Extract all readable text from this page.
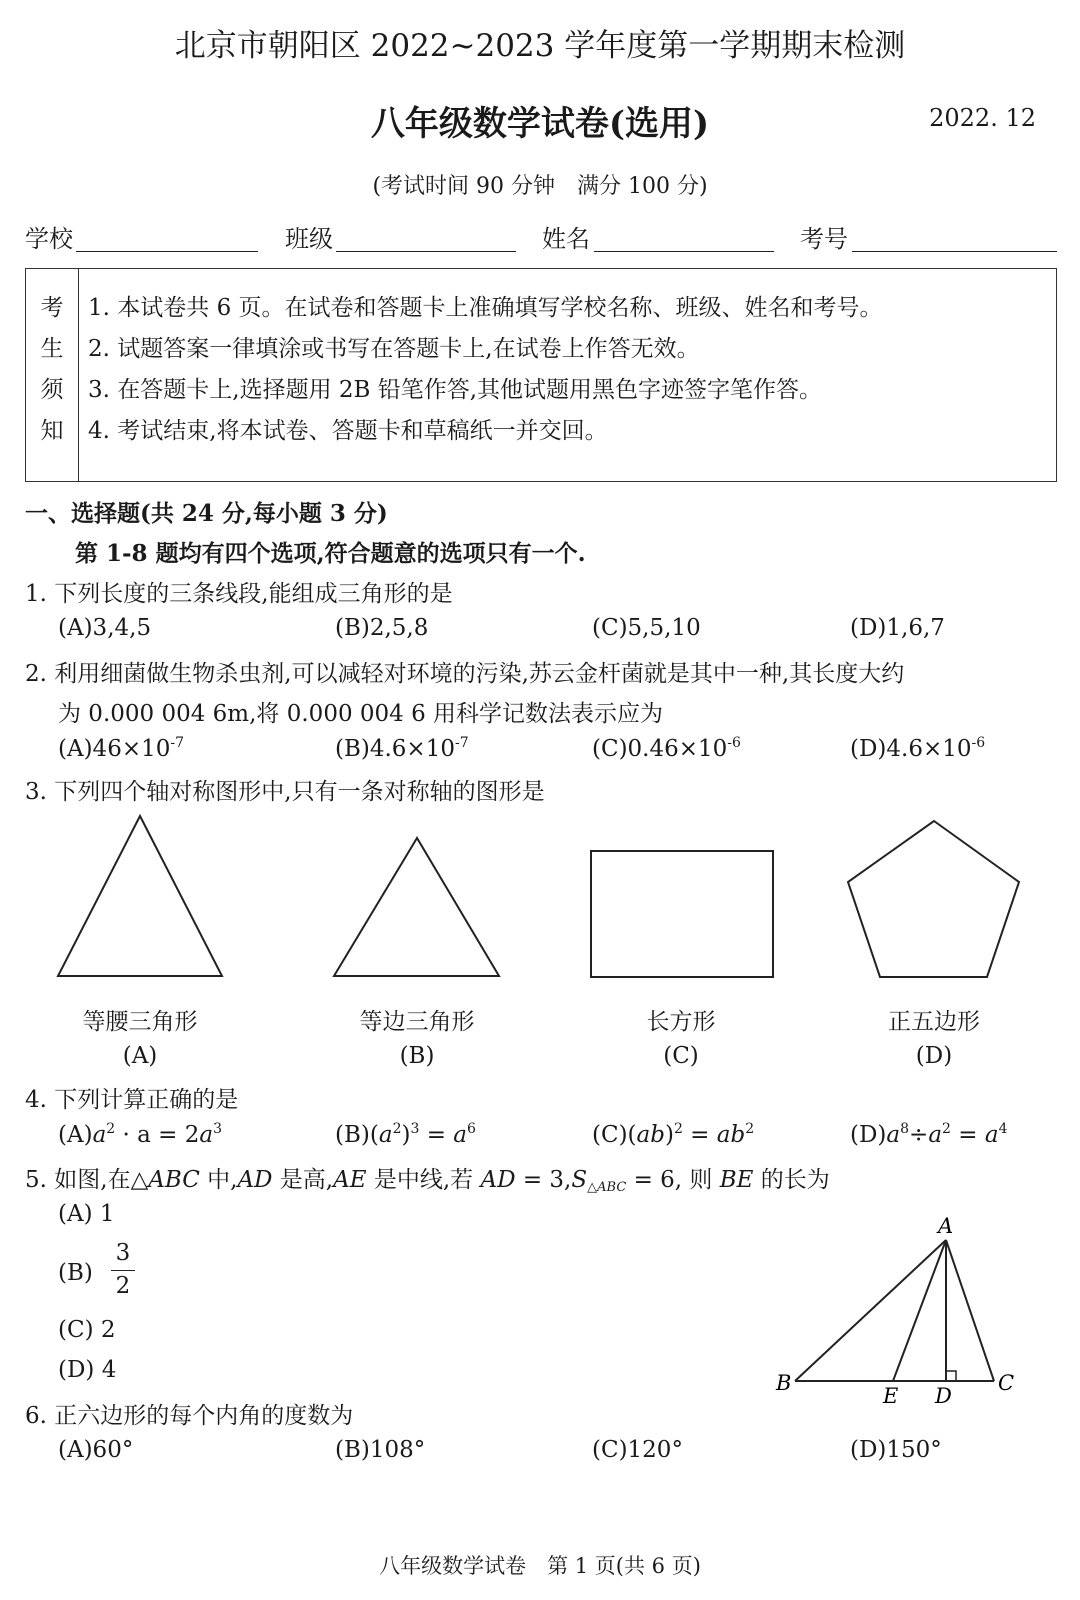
北京市朝阳区 2022~2023 学年度第一学期期末检测
八年级数学试卷(选用)	2022. 12
(考试时间 90 分钟　满分 100 分)
学校	班级	姓名	考号
考
生
须
知
1. 本试卷共 6 页。在试卷和答题卡上准确填写学校名称、班级、姓名和考号。
2. 试题答案一律填涂或书写在答题卡上,在试卷上作答无效。
3. 在答题卡上,选择题用 2B 铅笔作答,其他试题用黑色字迹签字笔作答。
4. 考试结束,将本试卷、答题卡和草稿纸一并交回。
一、选择题(共 24 分,每小题 3 分)
第 1-8 题均有四个选项,符合题意的选项只有一个.
1. 下列长度的三条线段,能组成三角形的是
(A)3,4,5	(B)2,5,8	(C)5,5,10	(D)1,6,7
2. 利用细菌做生物杀虫剂,可以减轻对环境的污染,苏云金杆菌就是其中一种,其长度大约
为 0.000 004 6m,将 0.000 004 6 用科学记数法表示应为
$(A)46\times 10^{-7}$	$(B)4.6\times 10^{-7}$	$(C)0.46\times 10^{-6}$	$(D)4.6\times 10^{-6}$
3. 下列四个轴对称图形中,只有一条对称轴的图形是
等腰三角形	等边三角形	长方形	正五边形
(A)	(B)	(C)	(D)
4. 下列计算正确的是
$(A)a^2 \cdot a = 2a^3$	$(B)(a^2)^3 = a^6$	$(C)(ab)^2 = ab^2$	$(D)a^8\div a^2 = a^4$
5. 如图,在△ABC 中,AD 是高,AE 是中线,若 AD = $3,S_{\triangle ABC} = 6$, 则 BE 的长为
(A) 1
(B)
3
2
(C) 2
(D) 4
A
B	C
D
E
6. 正六边形的每个内角的度数为
(A)60°	(B)108°	(C)120°	(D)150°
八年级数学试卷　第 1 页(共 6 页)
